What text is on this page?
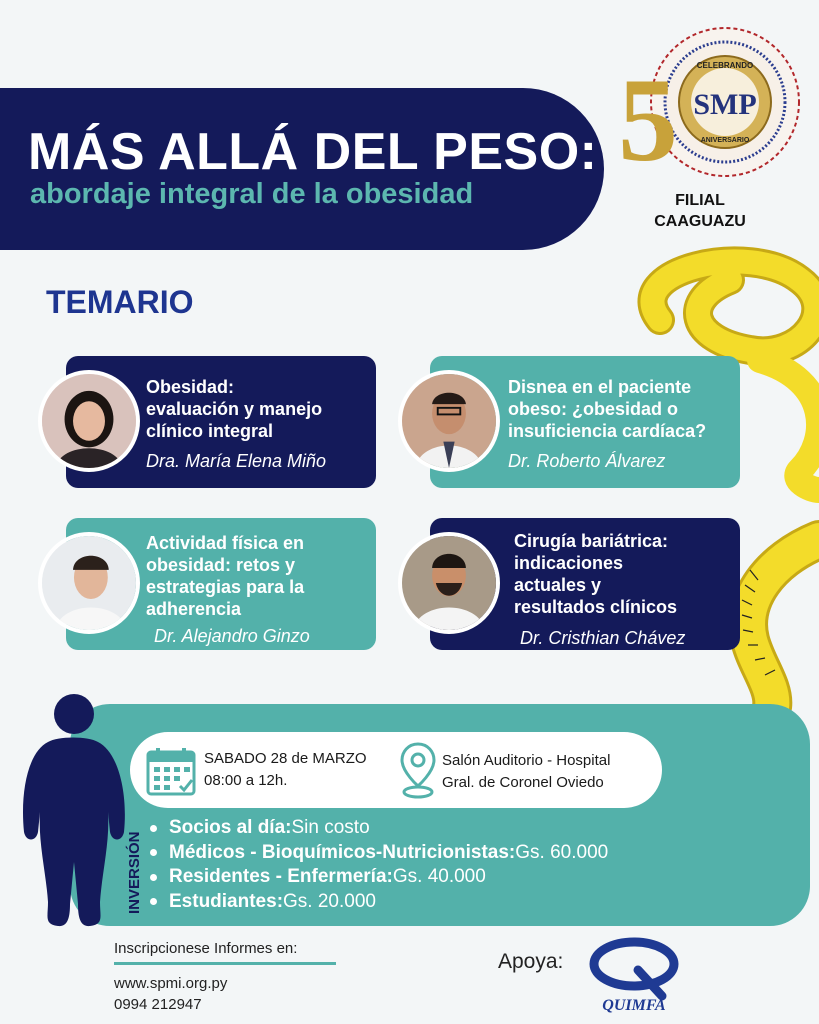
MÁS ALLÁ DEL PESO:
abordaje integral de la obesidad
5 SMP
CELEBRANDO
ANIVERSARIO
FILIAL
CAAGUAZU
TEMARIO
Obesidad:
evaluación y manejo
clínico integral
Dra. María Elena Miño
Disnea en el paciente
obeso: ¿obesidad o
insuficiencia cardíaca?
Dr. Roberto Álvarez
Actividad física en
obesidad: retos y
estrategias para la
adherencia
Dr. Alejandro Ginzo
Cirugía bariátrica:
indicaciones
actuales y
resultados clínicos
Dr. Cristhian Chávez
SABADO 28 de MARZO
08:00 a 12h.
Salón Auditorio - Hospital
Gral. de Coronel Oviedo
INVERSIÓN
Socios al día: Sin costo
Médicos - Bioquímicos-Nutricionistas: Gs. 60.000
Residentes - Enfermería: Gs. 40.000
Estudiantes: Gs. 20.000
Inscripcionese Informes en:
www.spmi.org.py
0994 212947
Apoya:
QUIMFA
